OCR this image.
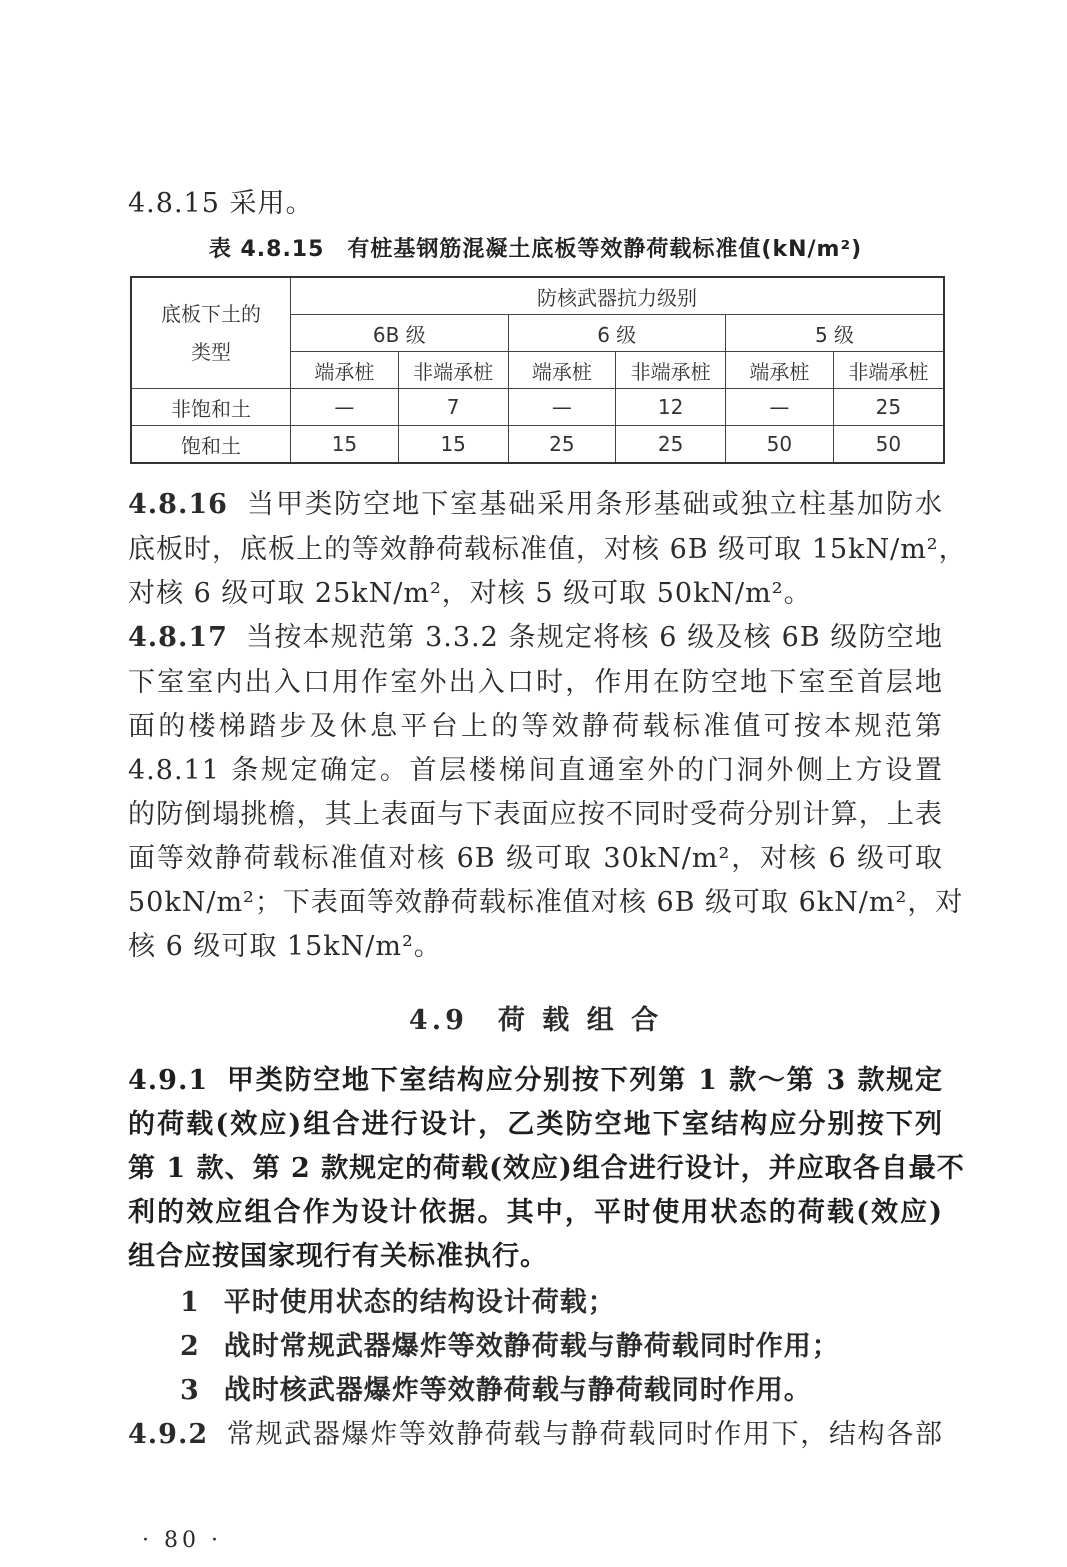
4.8.15 采用。
表 4.8.15　有桩基钢筋混凝土底板等效静荷载标准值(kN/m²)
底板下土的
类型	防核武器抗力级别					
	6B 级		6 级		5 级	
	端承桩	非端承桩	端承桩	非端承桩	端承桩	非端承桩
非饱和土	—	7	—	12	—	25
饱和土	15	15	25	25	50	50
4.8.16 当甲类防空地下室基础采用条形基础或独立柱基加防水
底板时，底板上的等效静荷载标准值，对核 6B 级可取 15kN/m²，
对核 6 级可取 25kN/m²，对核 5 级可取 50kN/m²。
4.8.17 当按本规范第 3.3.2 条规定将核 6 级及核 6B 级防空地
下室室内出入口用作室外出入口时，作用在防空地下室至首层地
面的楼梯踏步及休息平台上的等效静荷载标准值可按本规范第
4.8.11 条规定确定。首层楼梯间直通室外的门洞外侧上方设置
的防倒塌挑檐，其上表面与下表面应按不同时受荷分别计算，上表
面等效静荷载标准值对核 6B 级可取 30kN/m²，对核 6 级可取
50kN/m²；下表面等效静荷载标准值对核 6B 级可取 6kN/m²，对
核 6 级可取 15kN/m²。
4.9 荷 载 组 合
4.9.1 甲类防空地下室结构应分别按下列第 1 款～第 3 款规定
的荷载(效应)组合进行设计，乙类防空地下室结构应分别按下列
第 1 款、第 2 款规定的荷载(效应)组合进行设计，并应取各自最不
利的效应组合作为设计依据。其中，平时使用状态的荷载(效应)
组合应按国家现行有关标准执行。
1 平时使用状态的结构设计荷载；
2 战时常规武器爆炸等效静荷载与静荷载同时作用；
3 战时核武器爆炸等效静荷载与静荷载同时作用。
4.9.2 常规武器爆炸等效静荷载与静荷载同时作用下，结构各部
· 80 ·
